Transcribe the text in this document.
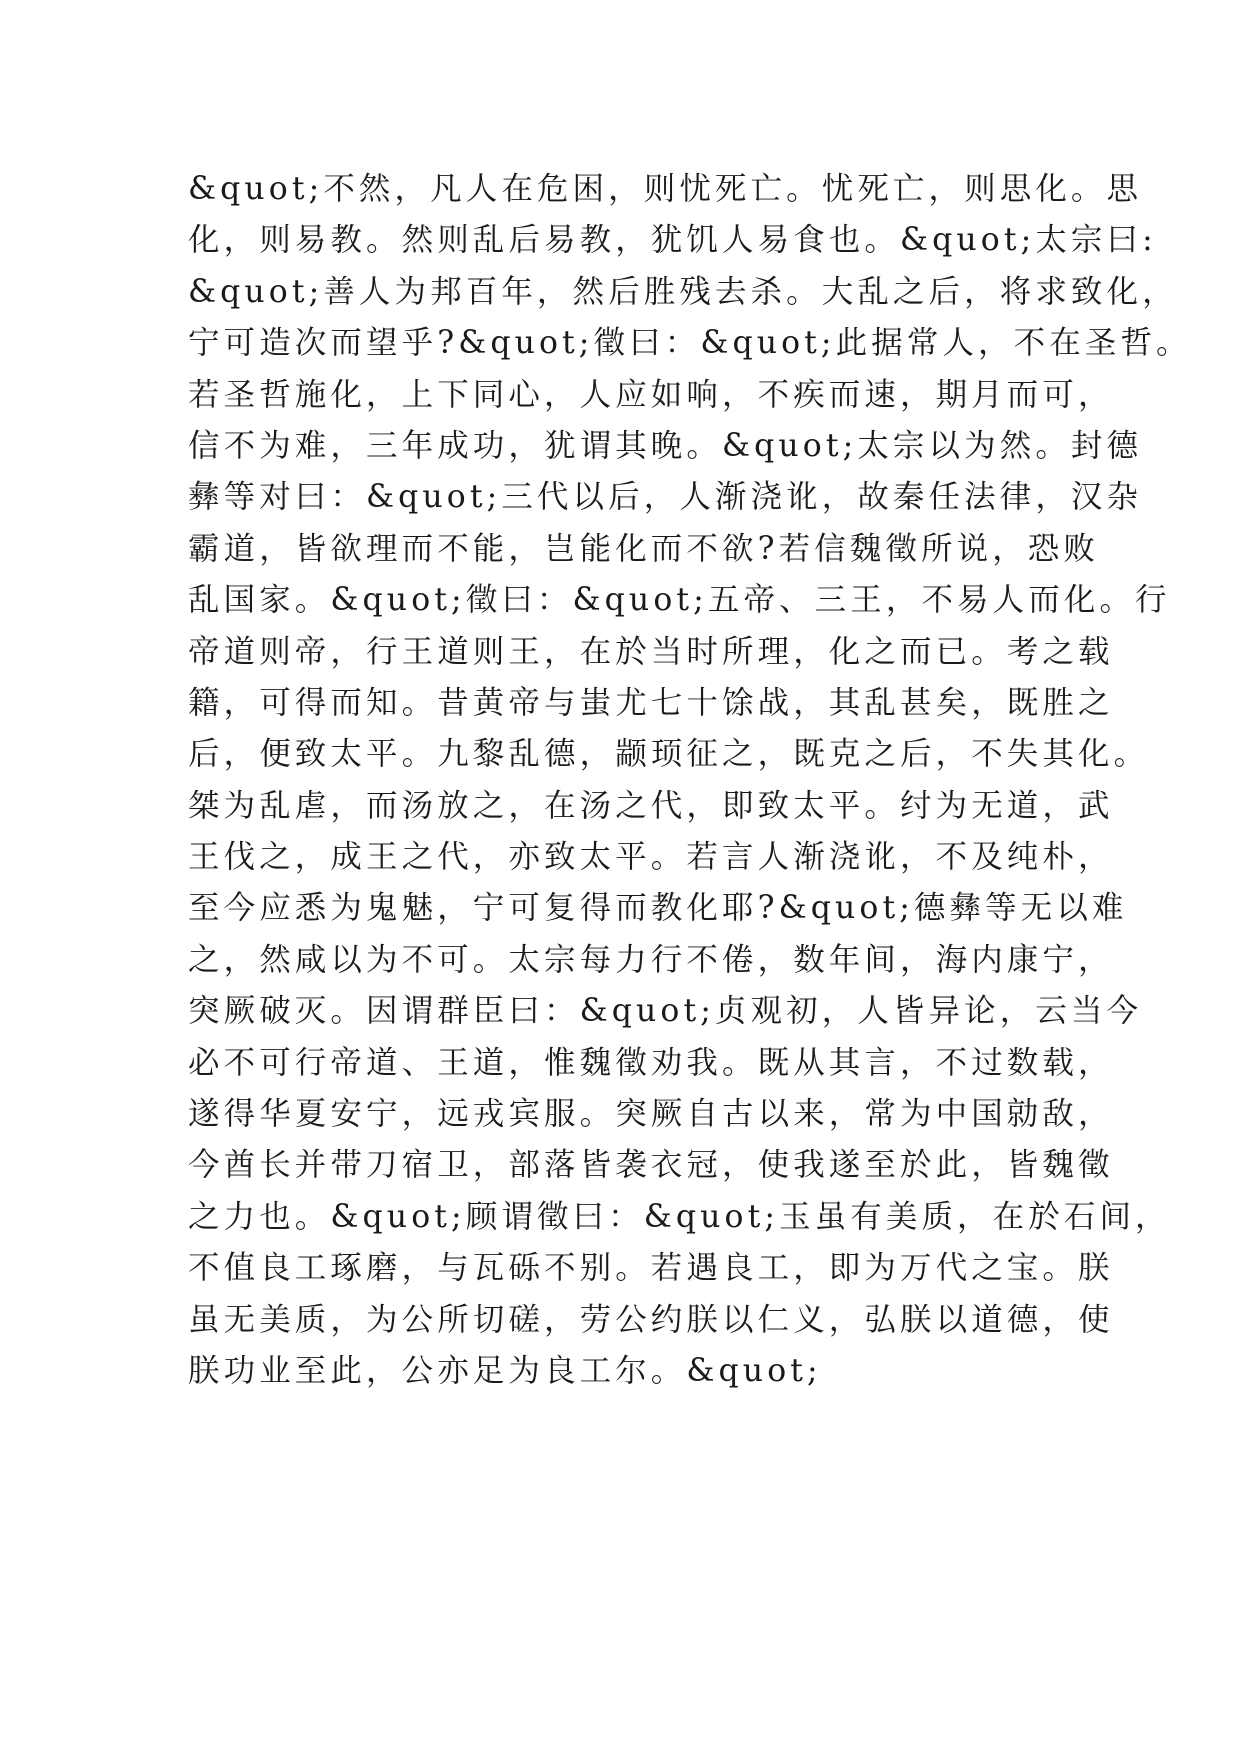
&quot;不然，凡人在危困，则忧死亡。忧死亡，则思化。思
化，则易教。然则乱后易教，犹饥人易食也。&quot;太宗曰:
&quot;善人为邦百年，然后胜残去杀。大乱之后，将求致化，
宁可造次而望乎?&quot;徵曰：&quot;此据常人，不在圣哲。
若圣哲施化，上下同心，人应如响，不疾而速，期月而可，
信不为难，三年成功，犹谓其晚。&quot;太宗以为然。封德
彝等对曰：&quot;三代以后，人渐浇讹，故秦任法律，汉杂
霸道，皆欲理而不能，岂能化而不欲?若信魏徵所说，恐败
乱国家。&quot;徵曰：&quot;五帝、三王，不易人而化。行
帝道则帝，行王道则王，在於当时所理，化之而已。考之载
籍，可得而知。昔黄帝与蚩尤七十馀战，其乱甚矣，既胜之
后，便致太平。九黎乱德，颛顼征之，既克之后，不失其化。
桀为乱虐，而汤放之，在汤之代，即致太平。纣为无道，武
王伐之，成王之代，亦致太平。若言人渐浇讹，不及纯朴，
至今应悉为鬼魅，宁可复得而教化耶?&quot;德彝等无以难
之，然咸以为不可。太宗每力行不倦，数年间，海内康宁，
突厥破灭。因谓群臣曰：&quot;贞观初，人皆异论，云当今
必不可行帝道、王道，惟魏徵劝我。既从其言，不过数载，
遂得华夏安宁，远戎宾服。突厥自古以来，常为中国勍敌，
今酋长并带刀宿卫，部落皆袭衣冠，使我遂至於此，皆魏徵
之力也。&quot;顾谓徵曰：&quot;玉虽有美质，在於石间，
不值良工琢磨，与瓦砾不别。若遇良工，即为万代之宝。朕
虽无美质，为公所切磋，劳公约朕以仁义，弘朕以道德，使
朕功业至此，公亦足为良工尔。&quot;
